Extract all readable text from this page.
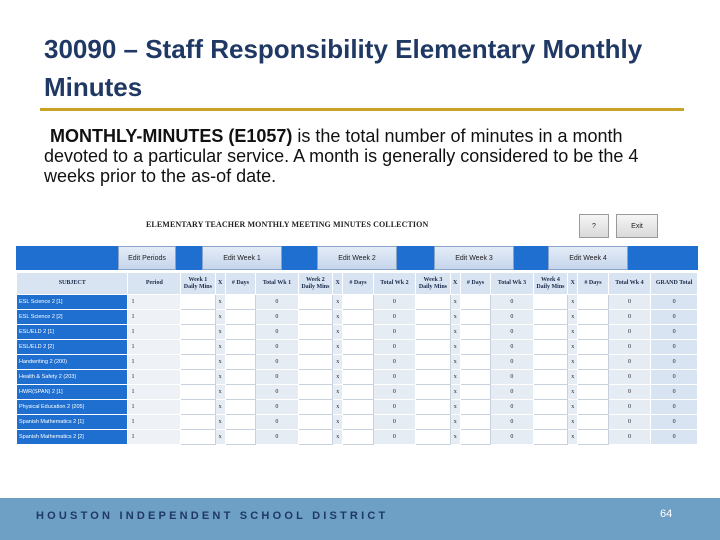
30090 – Staff Responsibility Elementary Monthly Minutes
MONTHLY-MINUTES (E1057) is the total number of minutes in a month devoted to a particular service. A month is generally considered to be the 4 weeks prior to the as-of date.
ELEMENTARY TEACHER MONTHLY MEETING MINUTES COLLECTION	?	Exit
Edit Periods	Edit Week 1	Edit Week 2	Edit Week 3	Edit Week 4
SUBJECT	Period	Week 1 Daily Mins	X	# Days	Total Wk 1	Week 2 Daily Mins	X	# Days	Total Wk 2	Week 3 Daily Mins	X	# Days	Total Wk 3	Week 4 Daily Mins	X	# Days	Total Wk 4	GRAND Total
ESL Science 2 [1]	1		x		0		x		0		x		0		x		0	0
ESL Science 2 [2]	1		x		0		x		0		x		0		x		0	0
ESL/ELD 2 [1]	1		x		0		x		0		x		0		x		0	0
ESL/ELD 2 [2]	1		x		0		x		0		x		0		x		0	0
Handwriting 2 (200)	1		x		0		x		0		x		0		x		0	0
Health & Safety 2 (203)	1		x		0		x		0		x		0		x		0	0
HWR(SPAN) 2 [1]	1		x		0		x		0		x		0		x		0	0
Physical Education 2 (205)	1		x		0		x		0		x		0		x		0	0
Spanish Mathematics 2 [1]	1		x		0		x		0		x		0		x		0	0
Spanish Mathematics 2 [2]	1		x		0		x		0		x		0		x		0	0
HOUSTON INDEPENDENT SCHOOL DISTRICT	64
